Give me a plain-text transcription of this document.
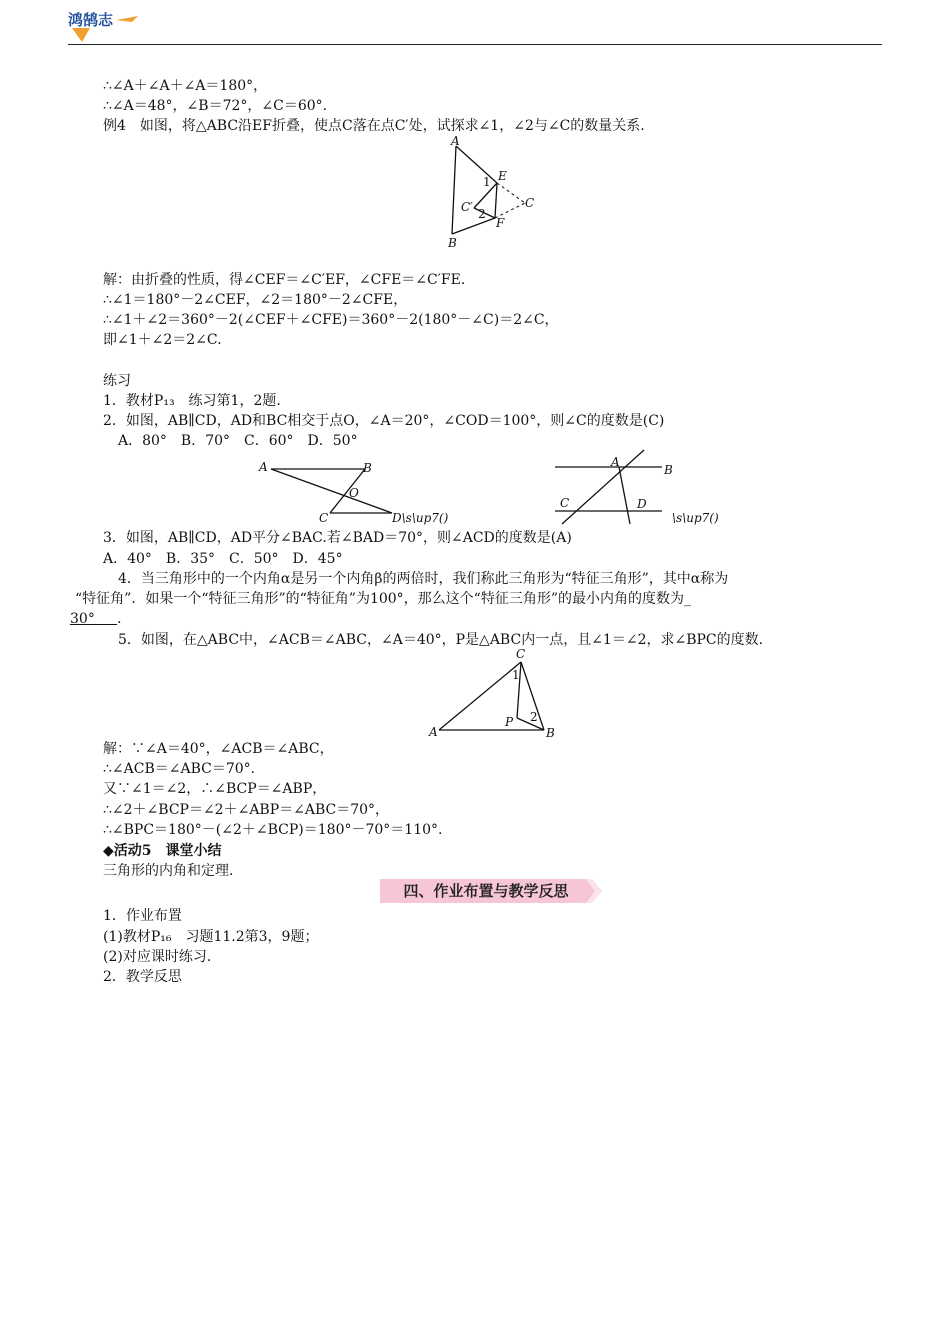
鸿鹄志
∴∠A＋∠A＋∠A＝180°，
∴∠A＝48°，∠B＝72°，∠C＝60°.
例4　如图，将△ABC沿EF折叠，使点C落在点C′处，试探求∠1，∠2与∠C的数量关系.
A
B
C
C′
E
F
1
2
解：由折叠的性质，得∠CEF＝∠C′EF，∠CFE＝∠C′FE.
∴∠1＝180°－2∠CEF，∠2＝180°－2∠CFE，
∴∠1＋∠2＝360°－2(∠CEF＋∠CFE)＝360°－2(180°－∠C)＝2∠C，
即∠1＋∠2＝2∠C.
练习
1．教材P₁₃　练习第1，2题.
2．如图，AB∥CD，AD和BC相交于点O，∠A＝20°，∠COD＝100°，则∠C的度数是(C)
A．80°　B．70°　C．60°　D．50°
A	B
C
O
D\s\up7()
A
B
C	D
\s\up7()
3．如图，AB∥CD，AD平分∠BAC.若∠BAD＝70°，则∠ACD的度数是(A)
A．40°　B．35°　C．50°　D．45°
4．当三角形中的一个内角α是另一个内角β的两倍时，我们称此三角形为“特征三角形”，其中α称为
“特征角”．如果一个“特征三角形”的“特征角”为100°，那么这个“特征三角形”的最小内角的度数为_
30° ．
5．如图，在△ABC中，∠ACB＝∠ABC，∠A＝40°，P是△ABC内一点，且∠1＝∠2，求∠BPC的度数.
A	B
C
P
1
2
解：∵∠A＝40°，∠ACB＝∠ABC，
∴∠ACB＝∠ABC＝70°.
又∵∠1＝∠2，∴∠BCP＝∠ABP，
∴∠2＋∠BCP＝∠2＋∠ABP＝∠ABC＝70°，
∴∠BPC＝180°－(∠2＋∠BCP)＝180°－70°＝110°.
◆活动5　课堂小结
三角形的内角和定理.
四、作业布置与教学反思
1．作业布置
(1)教材P₁₆　习题11.2第3，9题；
(2)对应课时练习.
2．教学反思
